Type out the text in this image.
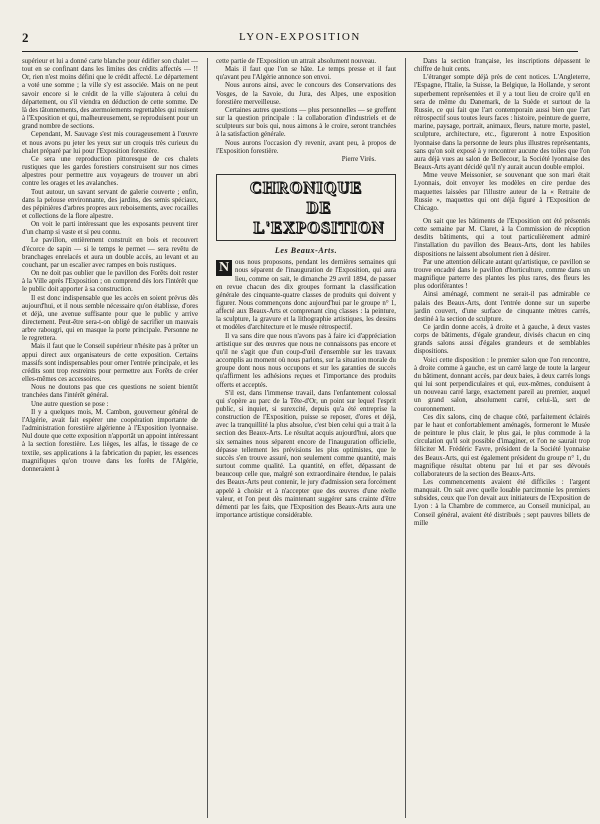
2	LYON-EXPOSITION

supérieur et lui a donné carte blanche pour édifier son chalet — tout en se confinant dans les limites des crédits affectés — !! Or, rien n'est moins défini que le crédit affecté. Le département a voté une somme ; la ville s'y est associée. Mais on ne peut savoir encore si le crédit de la ville s'ajoutera à celui du département, ou s'il viendra en déduction de cette somme. De là des tâtonnements, des atermoiements regrettables qui nuisent à l'Exposition et qui, malheureusement, se reproduisent pour un grand nombre de sections.

Cependant, M. Sauvage s'est mis courageusement à l'œuvre et nous avons pu jeter les yeux sur un croquis très curieux du chalet préparé par lui pour l'Exposition forestière.

Ce sera une reproduction pittoresque de ces chalets rustiques que les gardes forestiers construisent sur nos cimes alpestres pour permettre aux voyageurs de trouver un abri contre les orages et les avalanches.

Tout autour, un savant servant de galerie couverte ; enfin, dans la pelouse environnante, des jardins, des semis spéciaux, des pépinières d'arbres propres aux reboisements, avec rocailles et collections de la flore alpestre.

On voit le parti intéressant que les exposants peuvent tirer d'un champ si vaste et si peu connu.

Le pavillon, entièrement construit en bois et recouvert d'écorce de sapin — si le temps le permet — sera revêtu de branchages enrelacés et aura un double accès, au levant et au couchant, par un escalier avec rampes en bois rustiques.

On ne doit pas oublier que le pavillon des Forêts doit rester à la Ville après l'Exposition ; on comprend dès lors l'intérêt que le public doit apporter à sa construction.

Il est donc indispensable que les accès en soient prévus dès aujourd'hui, et il nous semble nécessaire qu'on établisse, d'ores et déjà, une avenue suffisante pour que le public y arrive directement. Peut-être sera-t-on obligé de sacrifier un mauvais arbre rabougri, qui en masque la porte principale. Personne ne le regrettera.

Mais il faut que le Conseil supérieur n'hésite pas à prêter un appui direct aux organisateurs de cette exposition. Certains massifs sont indispensables pour orner l'entrée principale, et les crédits sont trop restreints pour permettre aux Forêts de créer elles-mêmes ces accessoires.

Nous ne doutons pas que ces questions ne soient bientôt tranchées dans l'intérêt général.

Une autre question se pose :

Il y a quelques mois, M. Cambon, gouverneur général de l'Algérie, avait fait espérer une coopération importante de l'administration forestière algérienne à l'Exposition lyonnaise. Nul doute que cette exposition n'apportât un appoint intéressant à la section forestière. Les lièges, les alfas, le tissage de ce textile, ses applications à la fabrication du papier, les essences magnifiques qu'on trouve dans les forêts de l'Algérie, donneraient à

cette partie de l'Exposition un attrait absolument nouveau.

Mais il faut que l'on se hâte. Le temps presse et il faut qu'avant peu l'Algérie annonce son envoi.

Nous aurons ainsi, avec le concours des Conservations des Vosges, de la Savoie, du Jura, des Alpes, une exposition forestière merveilleuse.

Certaines autres questions — plus personnelles — se greffent sur la question principale : la collaboration d'industriels et de sculpteurs sur bois qui, nous aimons à le croire, seront tranchées à la satisfaction générale.

Nous aurons l'occasion d'y revenir, avant peu, à propos de l'Exposition forestière.

Pierre Virès.

CHRONIQUE
DE L'EXPOSITION
Les Beaux-Arts.

N ous nous proposons, pendant les dernières semaines qui nous séparent de l'inauguration de l'Exposition, qui aura lieu, comme on sait, le dimanche 29 avril 1894, de passer en revue chacun des dix groupes formant la classification générale des cinquante-quatre classes de produits qui doivent y figurer. Nous commençons donc aujourd'hui par le groupe n° 1, affecté aux Beaux-Arts et comprenant cinq classes : la peinture, la sculpture, la gravure et la lithographie artistiques, les dessins et modèles d'architecture et le musée rétrospectif.

Il va sans dire que nous n'avons pas à faire ici d'appréciation artistique sur des œuvres que nous ne connaissons pas encore et qu'il ne s'agit que d'un coup-d'œil d'ensemble sur les travaux accomplis au moment où nous parlons, sur la situation morale du groupe dont nous nous occupons et sur les garanties de succès qu'affirment les adhésions reçues et l'importance des produits offerts et acceptés.

S'il est, dans l'immense travail, dans l'enfantement colossal qui s'opère au parc de la Tête-d'Or, un point sur lequel l'esprit public, si inquiet, si surexcité, depuis qu'a été entreprise la construction de l'Exposition, puisse se reposer, d'ores et déjà, avec la tranquillité la plus absolue, c'est bien celui qui a trait à la section des Beaux-Arts. Le résultat acquis aujourd'hui, alors que six semaines nous séparent encore de l'inauguration officielle, dépasse tellement les prévisions les plus optimistes, que le succès s'en trouve assuré, non seulement comme quantité, mais surtout comme qualité. La quantité, en effet, dépassant de beaucoup celle que, malgré son extraordinaire étendue, le palais des Beaux-Arts peut contenir, le jury d'admission sera forcément appelé à choisir et à n'accepter que des œuvres d'une réelle valeur, et l'on peut dès maintenant suggérer sans crainte d'être démenti par les faits, que l'Exposition des Beaux-Arts aura une importance artistique considérable.

Dans la section française, les inscriptions dépassent le chiffre de huit cents.

L'étranger sompte déjà près de cent notices. L'Angleterre, l'Espagne, l'Italie, la Suisse, la Belgique, la Hollande, y seront superbement représentées et il y a tout lieu de croire qu'il en sera de même du Danemark, de la Suède et surtout de la Russie, ce qui fait que l'art contemporain aussi bien que l'art rétrospectif sous toutes leurs faces : histoire, peinture de guerre, marine, paysage, portrait, animaux, fleurs, nature morte, pastel, sculpture, architecture, etc., figureront à notre Exposition lyonnaise dans la personne de leurs plus illustres représentants, sans qu'on soit exposé à y rencontrer aucune des toiles que l'on aura déjà vues au salon de Bellecour, la Société lyonnaise des Beaux-Arts ayant décidé qu'il n'y aurait aucun double emploi.

Mme veuve Meissonier, se souvenant que son mari était Lyonnais, doit envoyer les modèles en cire perdue des maquettes laissées par l'illustre auteur de la « Retraite de Russie », maquettes qui ont déjà figuré à l'Exposition de Chicago.

On sait que les bâtiments de l'Exposition ont été présentés cette semaine par M. Claret, à la Commission de réception desdits bâtiments, qui a tout particulièrement admiré l'installation du pavillon des Beaux-Arts, dont les habiles dispositions ne laissent absolument rien à désirer.

Par une attention délicate autant qu'artistique, ce pavillon se trouve encadré dans le pavillon d'horticulture, comme dans un magnifique parterre des plantes les plus rares, des fleurs les plus odoriférantes !

Ainsi aménagé, comment ne serait-il pas admirable ce palais des Beaux-Arts, dont l'entrée donne sur un superbe jardin couvert, d'une surface de cinquante mètres carrés, destiné à la section de sculpture.

Ce jardin donne accès, à droite et à gauche, à deux vastes corps de bâtiments, d'égale grandeur, divisés chacun en cinq grands salons aussi d'égales grandeurs et de semblables dispositions.

Voici cette disposition : le premier salon que l'on rencontre, à droite comme à gauche, est un carré large de toute la largeur du bâtiment, donnant accès, par deux baies, à deux carrés longs qui lui sont perpendiculaires et qui, eux-mêmes, conduisent à un nouveau carré large, exactement pareil au premier, auquel un grand salon, absolument carré, celui-là, sert de couronnement.

Ces dix salons, cinq de chaque côté, parfaitement éclairés par le haut et confortablement aménagés, formeront le Musée de peinture le plus clair, le plus gai, le plus commode à la circulation qu'il soit possible d'imaginer, et l'on ne saurait trop féliciter M. Frédéric Favre, président de la Société lyonnaise des Beaux-Arts, qui est également président du groupe n° 1, du magnifique résultat obtenu par lui et par ses dévoués collaborateurs de la section des Beaux-Arts.

Les commencements avaient été difficiles : l'argent manquait. On sait avec quelle louable parcimonie les premiers subsides, ceux que l'on devait aux initiateurs de l'Exposition de Lyon : à la Chambre de commerce, au Conseil municipal, au Conseil général, avaient été distribués ; sept pauvres billets de mille
